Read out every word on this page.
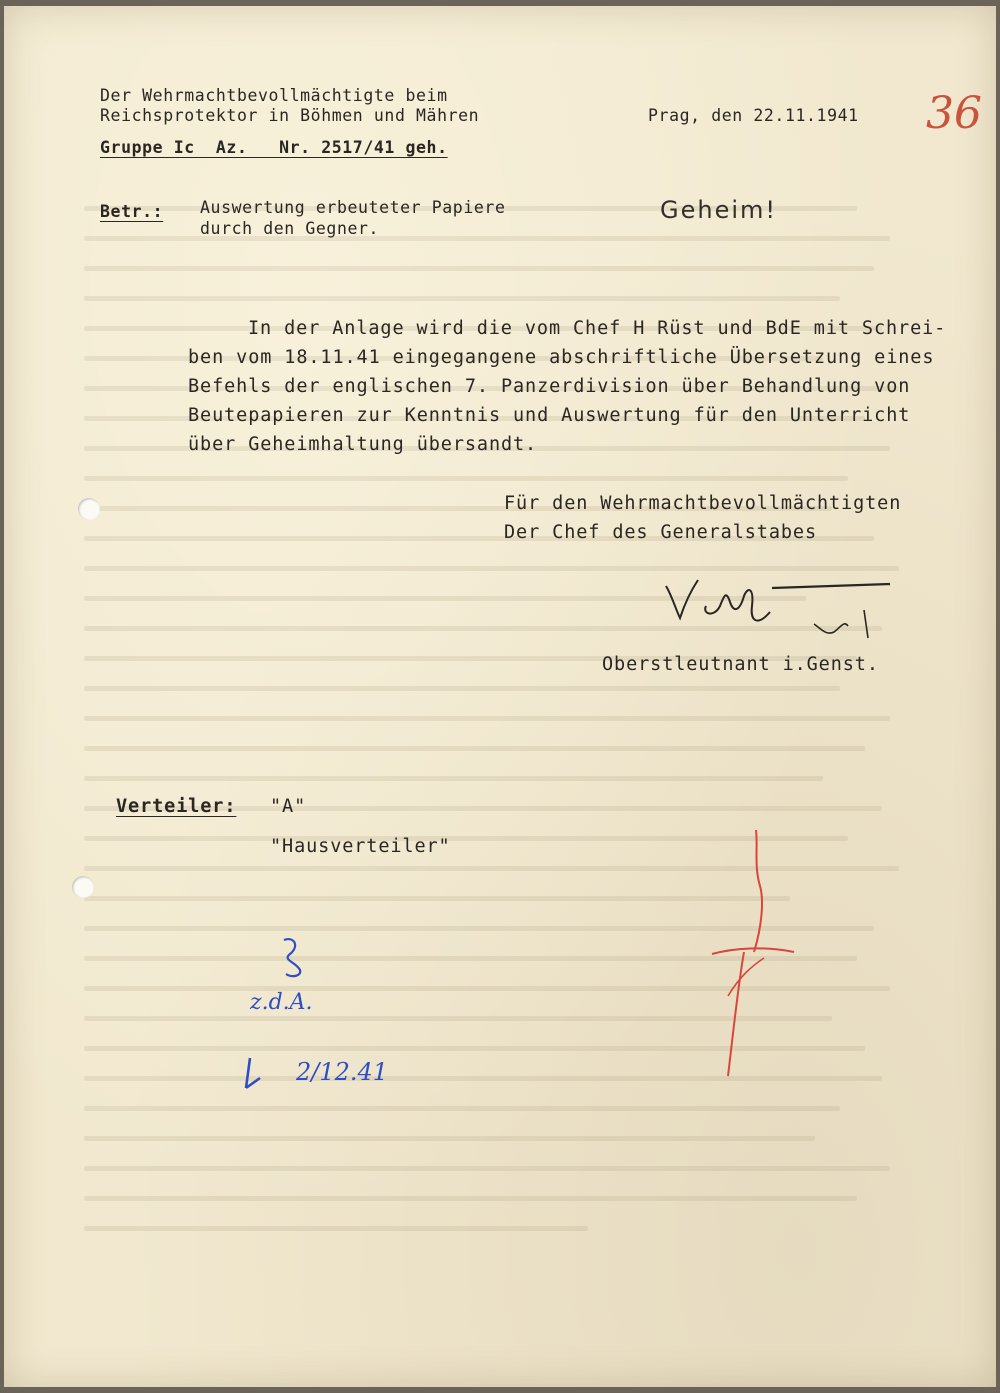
Der Wehrmachtbevollmächtigte beim
Reichsprotektor in Böhmen und Mähren
Gruppe Ic  Az.   Nr. 2517/41 geh.
Prag, den 22.11.1941 36
Betr.: Auswertung erbeuteter Papiere
durch den Gegner.
Geheim!
In der Anlage wird die vom Chef H Rüst und BdE mit Schrei-
ben vom 18.11.41 eingegangene abschriftliche Übersetzung eines
Befehls der englischen 7. Panzerdivision über Behandlung von
Beutepapieren zur Kenntnis und Auswertung für den Unterricht
über Geheimhaltung übersandt.
Für den Wehrmachtbevollmächtigten
Der Chef des Generalstabes
Oberstleutnant i.Genst.
Verteiler: "A"
"Hausverteiler"
z.d.A.
2/12.41
